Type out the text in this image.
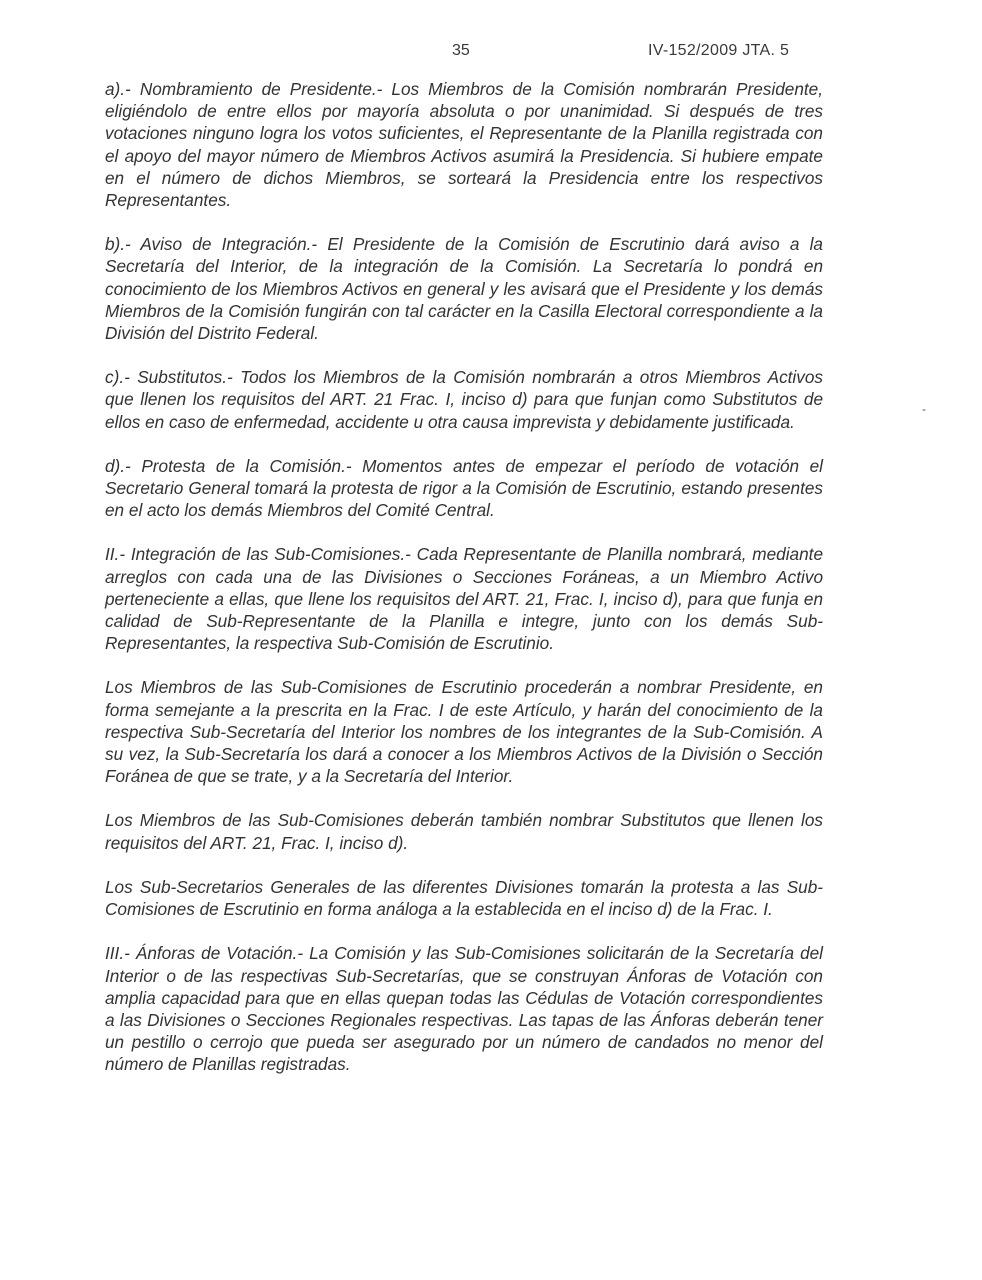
35	IV-152/2009 JTA. 5
-

a).- Nombramiento de Presidente.- Los Miembros de la Comisión nombrarán Presidente, eligiéndolo de entre ellos por mayoría absoluta o por unanimidad. Si después de tres votaciones ninguno logra los votos suficientes, el Representante de la Planilla registrada con el apoyo del mayor número de Miembros Activos asumirá la Presidencia. Si hubiere empate en el número de dichos Miembros, se sorteará la Presidencia entre los respectivos Representantes.

b).- Aviso de Integración.- El Presidente de la Comisión de Escrutinio dará aviso a la Secretaría del Interior, de la integración de la Comisión. La Secretaría lo pondrá en conocimiento de los Miembros Activos en general y les avisará que el Presidente y los demás Miembros de la Comisión fungirán con tal carácter en la Casilla Electoral correspondiente a la División del Distrito Federal.

c).- Substitutos.- Todos los Miembros de la Comisión nombrarán a otros Miembros Activos que llenen los requisitos del ART. 21 Frac. I, inciso d) para que funjan como Substitutos de ellos en caso de enfermedad, accidente u otra causa imprevista y debidamente justificada.

d).- Protesta de la Comisión.- Momentos antes de empezar el período de votación el Secretario General tomará la protesta de rigor a la Comisión de Escrutinio, estando presentes en el acto los demás Miembros del Comité Central.

II.- Integración de las Sub-Comisiones.- Cada Representante de Planilla nombrará, mediante arreglos con cada una de las Divisiones o Secciones Foráneas, a un Miembro Activo perteneciente a ellas, que llene los requisitos del ART. 21, Frac. I, inciso d), para que funja en calidad de Sub-Representante de la Planilla e integre, junto con los demás Sub-Representantes, la respectiva Sub-Comisión de Escrutinio.

Los Miembros de las Sub-Comisiones de Escrutinio procederán a nombrar Presidente, en forma semejante a la prescrita en la Frac. I de este Artículo, y harán del conocimiento de la respectiva Sub-Secretaría del Interior los nombres de los integrantes de la Sub-Comisión. A su vez, la Sub-Secretaría los dará a conocer a los Miembros Activos de la División o Sección Foránea de que se trate, y a la Secretaría del Interior.

Los Miembros de las Sub-Comisiones deberán también nombrar Substitutos que llenen los requisitos del ART. 21, Frac. I, inciso d).

Los Sub-Secretarios Generales de las diferentes Divisiones tomarán la protesta a las Sub-Comisiones de Escrutinio en forma análoga a la establecida en el inciso d) de la Frac. I.

III.- Ánforas de Votación.- La Comisión y las Sub-Comisiones solicitarán de la Secretaría del Interior o de las respectivas Sub-Secretarías, que se construyan Ánforas de Votación con amplia capacidad para que en ellas quepan todas las Cédulas de Votación correspondientes a las Divisiones o Secciones Regionales respectivas. Las tapas de las Ánforas deberán tener un pestillo o cerrojo que pueda ser asegurado por un número de candados no menor del número de Planillas registradas.
